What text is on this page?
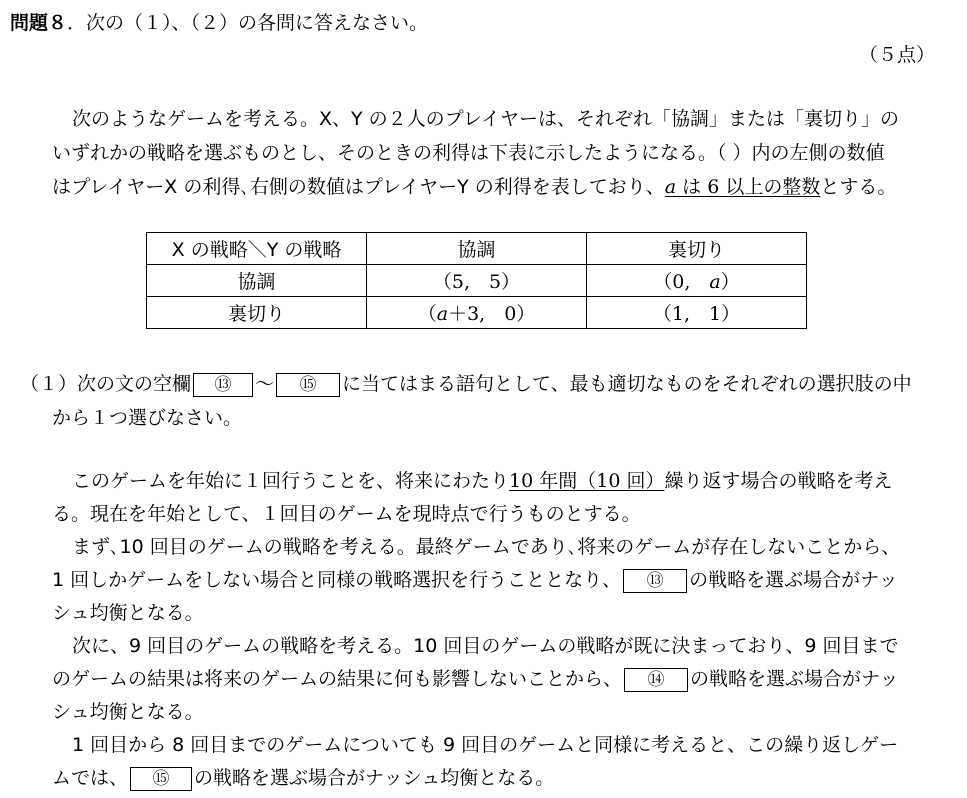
問題８．次の（１）、（２）の各問に答えなさい。
（５点）
次のようなゲームを考える。X、Y の２人のプレイヤーは、それぞれ「協調」または「裏切り」の
いずれかの戦略を選ぶものとし、そのときの利得は下表に示したようになる。（ ）内の左側の数値
はプレイヤーX の利得､右側の数値はプレイヤーY の利得を表しており、a は 6 以上の整数とする。
X の戦略＼Y の戦略	協調	裏切り
協調	（5,　5）	（0,　a）
裏切り	（a＋3,　0）	（1,　1）
（１）次の文の空欄 ⑬ ～ ⑮ に当てはまる語句として、最も適切なものをそれぞれの選択肢の中
から１つ選びなさい。
このゲームを年始に１回行うことを、将来にわたり10 年間（10 回）繰り返す場合の戦略を考え
る。現在を年始として、１回目のゲームを現時点で行うものとする。
まず､10 回目のゲームの戦略を考える。最終ゲームであり､将来のゲームが存在しないことから、
1 回しかゲームをしない場合と同様の戦略選択を行うこととなり、 ⑬ の戦略を選ぶ場合がナッ
シュ均衡となる。
次に、9 回目のゲームの戦略を考える。10 回目のゲームの戦略が既に決まっており、9 回目まで
のゲームの結果は将来のゲームの結果に何も影響しないことから、 ⑭ の戦略を選ぶ場合がナッ
シュ均衡となる。
1 回目から 8 回目までのゲームについても 9 回目のゲームと同様に考えると、この繰り返しゲー
ムでは、 ⑮ の戦略を選ぶ場合がナッシュ均衡となる。
